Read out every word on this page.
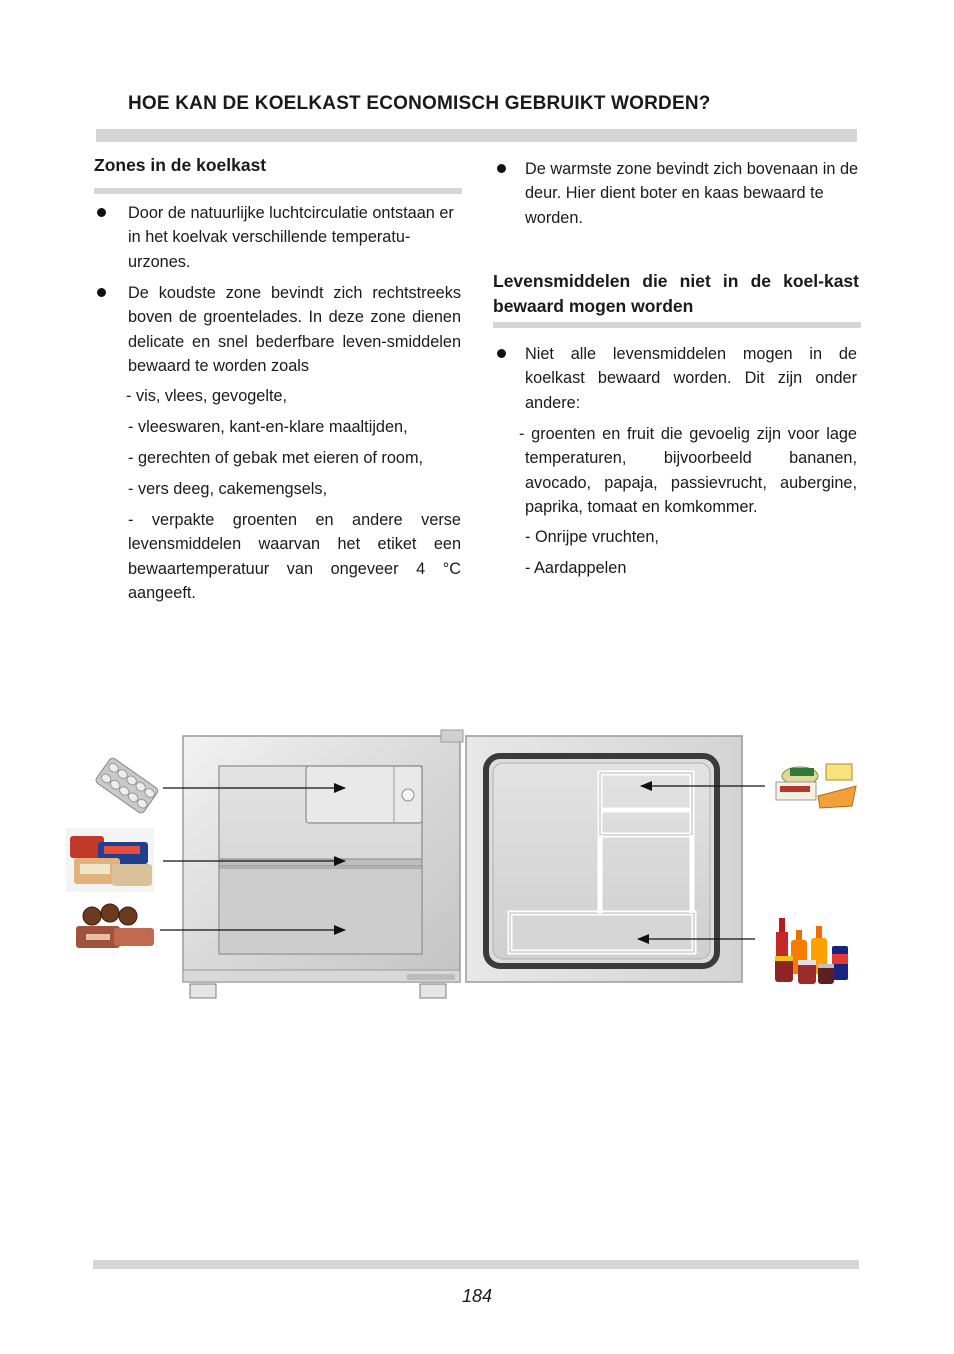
HOE KAN DE KOELKAST ECONOMISCH GEBRUIKT WORDEN?
Zones in de koelkast
Door de natuurlijke luchtcirculatie ontstaan er in het koelvak verschillende temperatu-urzones.
De koudste zone bevindt zich rechtstreeks boven de groentelades. In deze zone dienen delicate en snel bederfbare leven-smiddelen bewaard te worden zoals
- vis, vlees, gevogelte,
- vleeswaren, kant-en-klare maaltijden,
- gerechten of gebak met eieren of room,
- vers deeg, cakemengsels,
- verpakte groenten en andere verse levensmiddelen waarvan het etiket een bewaartemperatuur van ongeveer 4 °C aangeeft.
De warmste zone bevindt zich bovenaan in de deur. Hier dient boter en kaas bewaard te worden.
Levensmiddelen die niet in de koel-kast bewaard mogen worden
Niet alle levensmiddelen mogen in de koelkast bewaard worden. Dit zijn onder andere:
- groenten en fruit die gevoelig zijn voor lage temperaturen, bijvoorbeeld bananen, avocado, papaja, passievrucht, aubergine, paprika, tomaat en komkommer.
- Onrijpe vruchten,
- Aardappelen
184
